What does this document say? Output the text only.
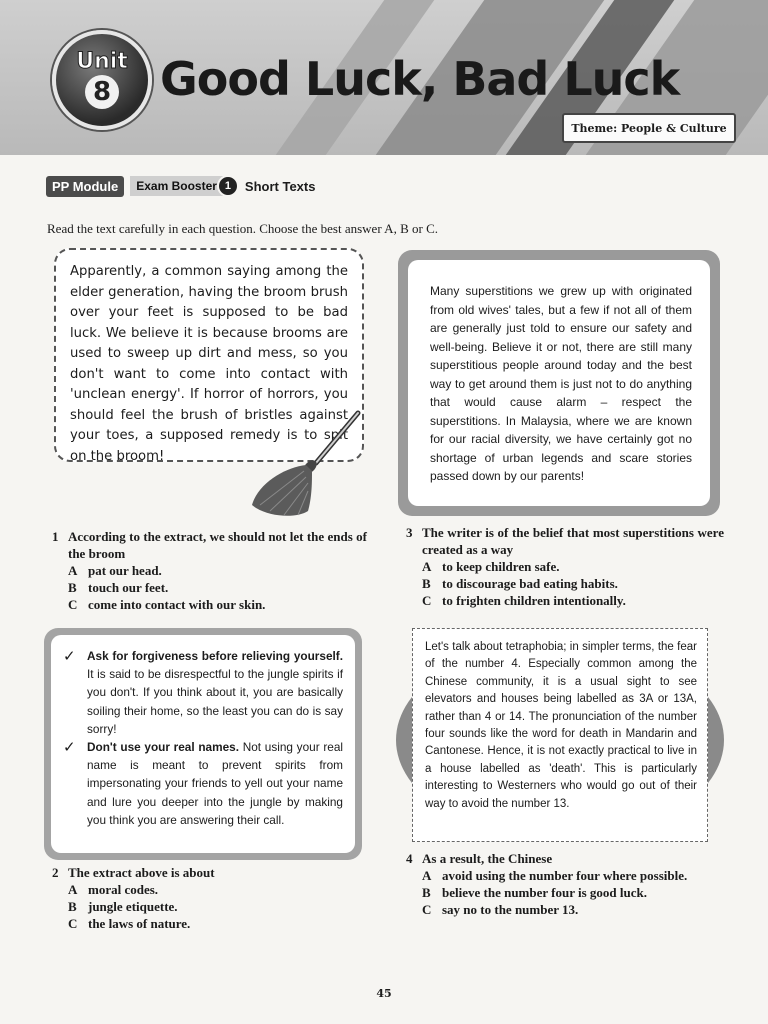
Unit
8 Good Luck, Bad Luck
Theme: People & Culture
PP Module	Exam Booster 1	Short Texts
Read the text carefully in each question. Choose the best answer A, B or C.
Apparently, a common saying among the elder generation, having the broom brush over your feet is supposed to be bad luck. We believe it is because brooms are used to sweep up dirt and mess, so you don't want to come into contact with 'unclean energy'. If horror of horrors, you should feel the brush of bristles against your toes, a supposed remedy is to spit on the broom!
Many superstitions we grew up with originated from old wives' tales, but a few if not all of them are generally just told to ensure our safety and well-being. Believe it or not, there are still many superstitious people around today and the best way to get around them is just not to do anything that would cause alarm – respect the superstitions. In Malaysia, where we are known for our racial diversity, we have certainly got no shortage of urban legends and scare stories passed down by our parents!
1 According to the extract, we should not let the ends of the broom
A pat our head.
B touch our feet.
C come into contact with our skin.
3 The writer is of the belief that most superstitions were created as a way
A to keep children safe.
B to discourage bad eating habits.
C to frighten children intentionally.
✓ Ask for forgiveness before relieving yourself. It is said to be disrespectful to the jungle spirits if you don't. If you think about it, you are basically soiling their home, so the least you can do is say sorry!
✓ Don't use your real names. Not using your real name is meant to prevent spirits from impersonating your friends to yell out your name and lure you deeper into the jungle by making you think you are answering their call.
Let's talk about tetraphobia; in simpler terms, the fear of the number 4. Especially common among the Chinese community, it is a usual sight to see elevators and houses being labelled as 3A or 13A, rather than 4 or 14. The pronunciation of the number four sounds like the word for death in Mandarin and Cantonese. Hence, it is not exactly practical to live in a house labelled as 'death'. This is particularly interesting to Westerners who would go out of their way to avoid the number 13.
2 The extract above is about
A moral codes.
B jungle etiquette.
C the laws of nature.
4 As a result, the Chinese
A avoid using the number four where possible.
B believe the number four is good luck.
C say no to the number 13.
45
